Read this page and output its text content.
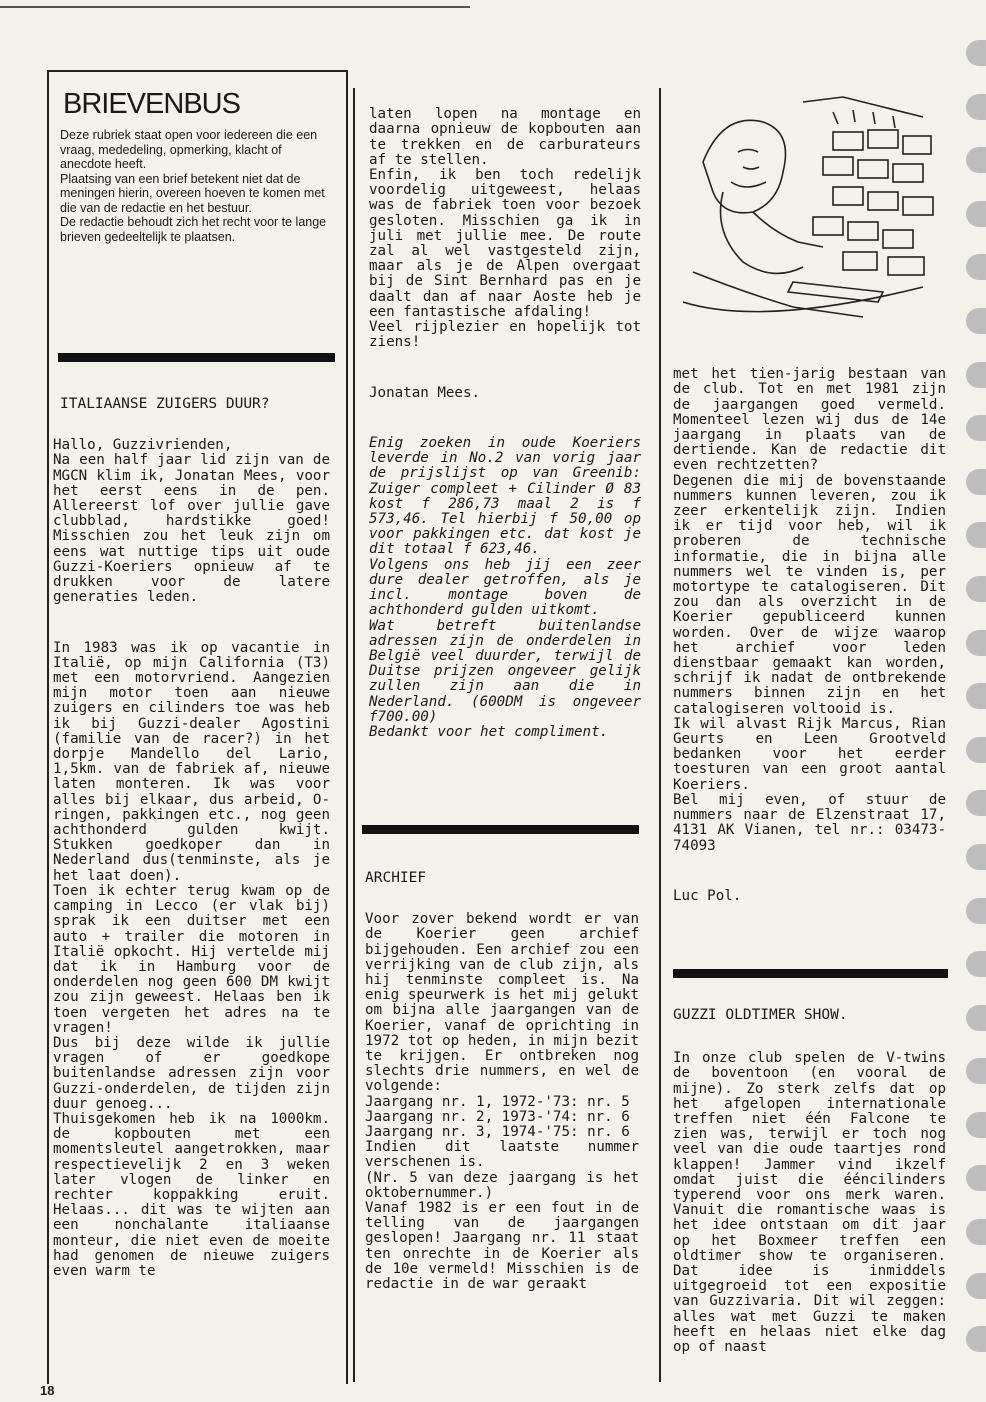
BRIEVENBUS

Deze rubriek staat open voor iedereen die een vraag, mededeling, opmerking, klacht of anecdote heeft.

Plaatsing van een brief betekent niet dat de meningen hierin, overeen hoeven te komen met die van de redactie en het bestuur.

De redactie behoudt zich het recht voor te lange brieven gedeeltelijk te plaatsen.

ITALIAANSE ZUIGERS DUUR?

Hallo, Guzzivrienden,
Na een half jaar lid zijn van de MGCN klim ik, Jonatan Mees, voor het eerst eens in de pen. Allereerst lof over jullie gave clubblad, hardstikke goed! Misschien zou het leuk zijn om eens wat nuttige tips uit oude Guzzi-Koeriers opnieuw af te drukken voor de latere generaties leden.

In 1983 was ik op vacantie in Italië, op mijn California (T3) met een motorvriend. Aangezien mijn motor toen aan nieuwe zuigers en cilinders toe was heb ik bij Guzzi-dealer Agostini (familie van de racer?) in het dorpje Mandello del Lario, 1,5km. van de fabriek af, nieuwe laten monteren. Ik was voor alles bij elkaar, dus arbeid, O-ringen, pakkingen etc., nog geen achthonderd gulden kwijt. Stukken goedkoper dan in Nederland dus(tenminste, als je het laat doen).
Toen ik echter terug kwam op de camping in Lecco (er vlak bij) sprak ik een duitser met een auto + trailer die motoren in Italië opkocht. Hij vertelde mij dat ik in Hamburg voor de onderdelen nog geen 600 DM kwijt zou zijn geweest. Helaas ben ik toen vergeten het adres na te vragen!
Dus bij deze wilde ik jullie vragen of er goedkope buitenlandse adressen zijn voor Guzzi-onderdelen, de tijden zijn duur genoeg...
Thuisgekomen heb ik na 1000km. de kopbouten met een momentsleutel aangetrokken, maar respectievelijk 2 en 3 weken later vlogen de linker en rechter koppakking eruit. Helaas... dit was te wijten aan een nonchalante italiaanse monteur, die niet even de moeite had genomen de nieuwe zuigers even warm te

laten lopen na montage en daarna opnieuw de kopbouten aan te trekken en de carburateurs af te stellen.
Enfin, ik ben toch redelijk voordelig uitgeweest, helaas was de fabriek toen voor bezoek gesloten. Misschien ga ik in juli met jullie mee. De route zal al wel vastgesteld zijn, maar als je de Alpen overgaat bij de Sint Bernhard pas en je daalt dan af naar Aoste heb je een fantastische afdaling!
Veel rijplezier en hopelijk tot ziens!

Jonatan Mees.

Enig zoeken in oude Koeriers leverde in No.2 van vorig jaar de prijslijst op van Greenib: Zuiger compleet + Cilinder Ø 83 kost f 286,73 maal 2 is f 573,46. Tel hierbij f 50,00 op voor pakkingen etc. dat kost je dit totaal f 623,46.
Volgens ons heb jij een zeer dure dealer getroffen, als je incl. montage boven de achthonderd gulden uitkomt.
Wat betreft buitenlandse adressen zijn de onderdelen in België veel duurder, terwijl de Duitse prijzen ongeveer gelijk zullen zijn aan die in Nederland. (600DM is ongeveer f700.00)
Bedankt voor het compliment.

ARCHIEF

Voor zover bekend wordt er van de Koerier geen archief bijgehouden. Een archief zou een verrijking van de club zijn, als hij tenminste compleet is. Na enig speurwerk is het mij gelukt om bijna alle jaargangen van de Koerier, vanaf de oprichting in 1972 tot op heden, in mijn bezit te krijgen. Er ontbreken nog slechts drie nummers, en wel de volgende:
Jaargang nr. 1, 1972-'73: nr. 5
Jaargang nr. 2, 1973-'74: nr. 6
Jaargang nr. 3, 1974-'75: nr. 6
Indien dit laatste nummer verschenen is.
(Nr. 5 van deze jaargang is het oktobernummer.)
Vanaf 1982 is er een fout in de telling van de jaargangen geslopen! Jaargang nr. 11 staat ten onrechte in de Koerier als de 10e vermeld! Misschien is de redactie in de war geraakt

met het tien-jarig bestaan van de club. Tot en met 1981 zijn de jaargangen goed vermeld. Momenteel lezen wij dus de 14e jaargang in plaats van de dertiende. Kan de redactie dit even rechtzetten?
Degenen die mij de bovenstaande nummers kunnen leveren, zou ik zeer erkentelijk zijn. Indien ik er tijd voor heb, wil ik proberen de technische informatie, die in bijna alle nummers wel te vinden is, per motortype te catalogiseren. Dit zou dan als overzicht in de Koerier gepubliceerd kunnen worden. Over de wijze waarop het archief voor leden dienstbaar gemaakt kan worden, schrijf ik nadat de ontbrekende nummers binnen zijn en het catalogiseren voltooid is.
Ik wil alvast Rijk Marcus, Rian Geurts en Leen Grootveld bedanken voor het eerder toesturen van een groot aantal Koeriers.
Bel mij even, of stuur de nummers naar de Elzenstraat 17, 4131 AK Vianen, tel nr.: 03473-74093

Luc Pol.

GUZZI OLDTIMER SHOW.

In onze club spelen de V-twins de boventoon (en vooral de mijne). Zo sterk zelfs dat op het afgelopen internationale treffen niet één Falcone te zien was, terwijl er toch nog veel van die oude taartjes rond klappen! Jammer vind ikzelf omdat juist die ééncilinders typerend voor ons merk waren. Vanuit die romantische waas is het idee ontstaan om dit jaar op het Boxmeer treffen een oldtimer show te organiseren. Dat idee is inmiddels uitgegroeid tot een expositie van Guzzivaria. Dit wil zeggen: alles wat met Guzzi te maken heeft en helaas niet elke dag op of naast

18
